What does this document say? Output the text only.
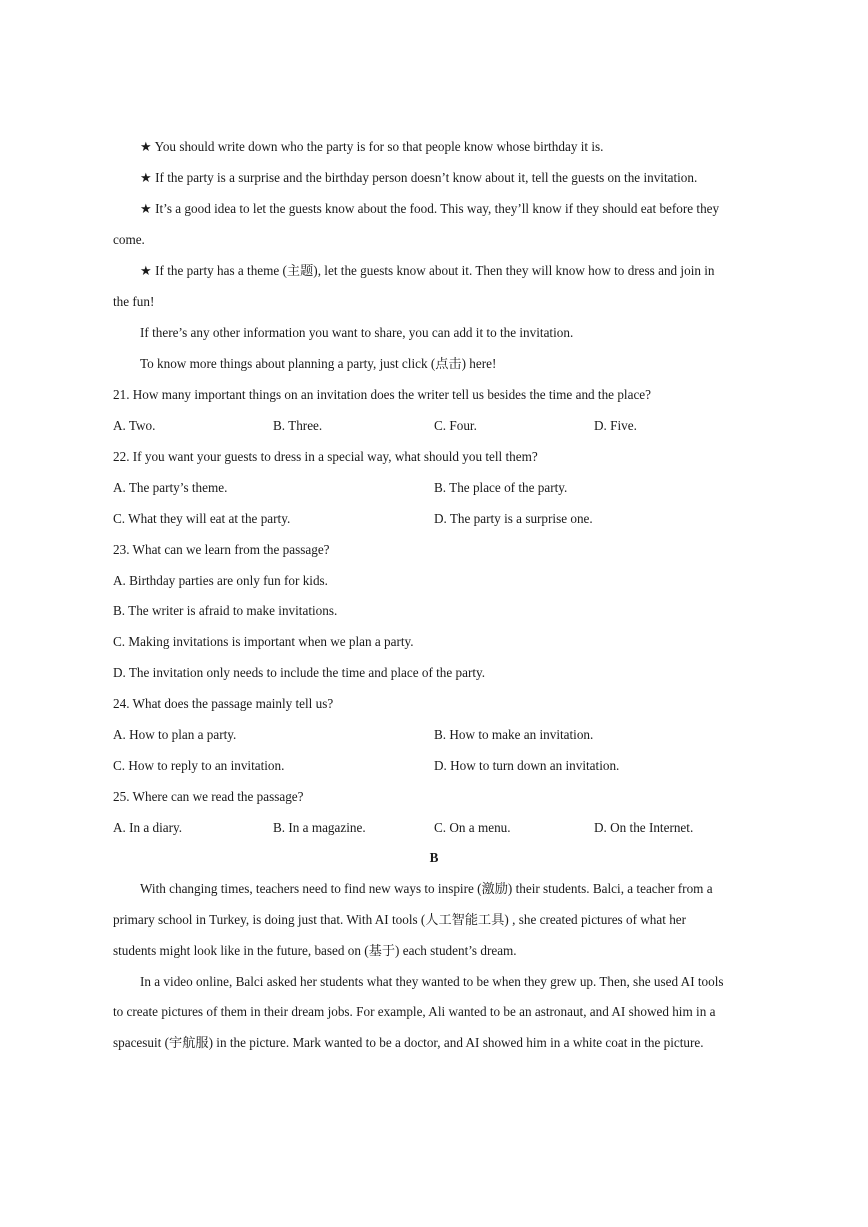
★ You should write down who the party is for so that people know whose birthday it is.
★ If the party is a surprise and the birthday person doesn’t know about it, tell the guests on the invitation.
★ It’s a good idea to let the guests know about the food. This way, they’ll know if they should eat before they
come.
★ If the party has a theme (主题), let the guests know about it. Then they will know how to dress and join in
the fun!
If there’s any other information you want to share, you can add it to the invitation.
To know more things about planning a party, just click (点击) here!
21. How many important things on an invitation does the writer tell us besides the time and the place?
A. Two.	B. Three.	C. Four.	D. Five.
22. If you want your guests to dress in a special way, what should you tell them?
A. The party’s theme.	B. The place of the party.
C. What they will eat at the party.	D. The party is a surprise one.
23. What can we learn from the passage?
A. Birthday parties are only fun for kids.
B. The writer is afraid to make invitations.
C. Making invitations is important when we plan a party.
D. The invitation only needs to include the time and place of the party.
24. What does the passage mainly tell us?
A. How to plan a party.	B. How to make an invitation.
C. How to reply to an invitation.	D. How to turn down an invitation.
25. Where can we read the passage?
A. In a diary.	B. In a magazine.	C. On a menu.	D. On the Internet.
B
With changing times, teachers need to find new ways to inspire (激励) their students. Balci, a teacher from a
primary school in Turkey, is doing just that. With AI tools (人工智能工具) , she created pictures of what her
students might look like in the future, based on (基于) each student’s dream.
In a video online, Balci asked her students what they wanted to be when they grew up. Then, she used AI tools
to create pictures of them in their dream jobs. For example, Ali wanted to be an astronaut, and AI showed him in a
spacesuit (宇航服) in the picture. Mark wanted to be a doctor, and AI showed him in a white coat in the picture.
